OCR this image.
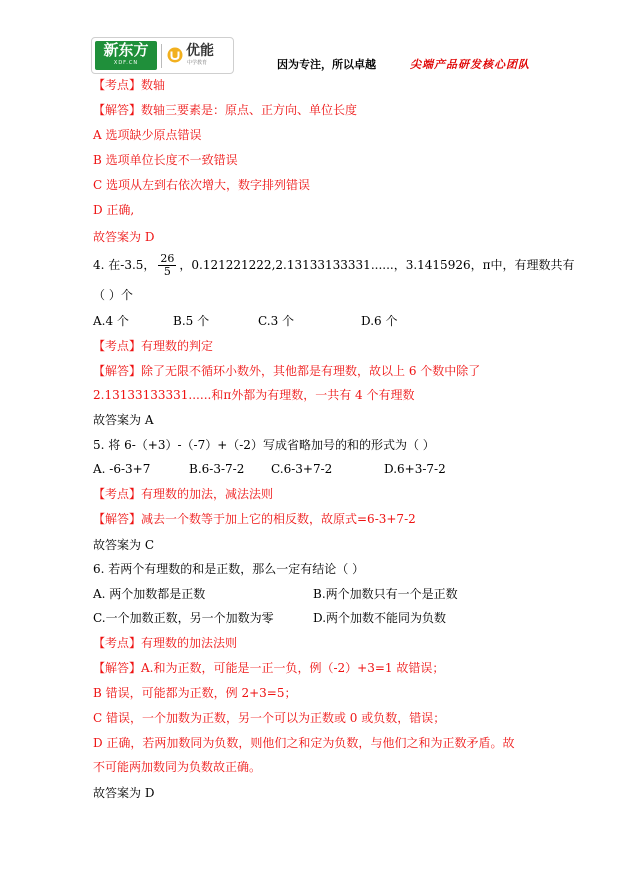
新东方
XDF.CN
优能
中学教育	因为专注，所以卓越	尖端产品研发核心团队
【考点】数轴
【解答】数轴三要素是：原点、正方向、单位长度
A 选项缺少原点错误
B 选项单位长度不一致错误
C 选项从左到右依次增大，数字排列错误
D 正确,
故答案为 D
4. 在-3.5， $\frac{26}{5}$ ，0.121221222,2.13133133331......，3.1415926，π中，有理数共有
（ ）个
A.4 个	B.5 个	C.3 个	D.6 个
【考点】有理数的判定
【解答】除了无限不循环小数外，其他都是有理数，故以上 6 个数中除了
2.13133133331......和π外都为有理数，一共有 4 个有理数
故答案为 A
5. 将 6-（+3）-（-7）+（-2）写成省略加号的和的形式为（ ）
A. -6-3+7	B.6-3-7-2 C.6-3+7-2	D.6+3-7-2
【考点】有理数的加法，减法法则
【解答】减去一个数等于加上它的相反数，故原式=6-3+7-2
故答案为 C
6. 若两个有理数的和是正数，那么一定有结论（ ）
A. 两个加数都是正数	B.两个加数只有一个是正数
C.一个加数正数，另一个加数为零	D.两个加数不能同为负数
【考点】有理数的加法法则
【解答】A.和为正数，可能是一正一负，例（-2）+3=1 故错误；
B 错误，可能都为正数，例 2+3=5；
C 错误，一个加数为正数，另一个可以为正数或 0 或负数，错误；
D 正确，若两加数同为负数，则他们之和定为负数，与他们之和为正数矛盾。故
不可能两加数同为负数故正确。
故答案为 D
